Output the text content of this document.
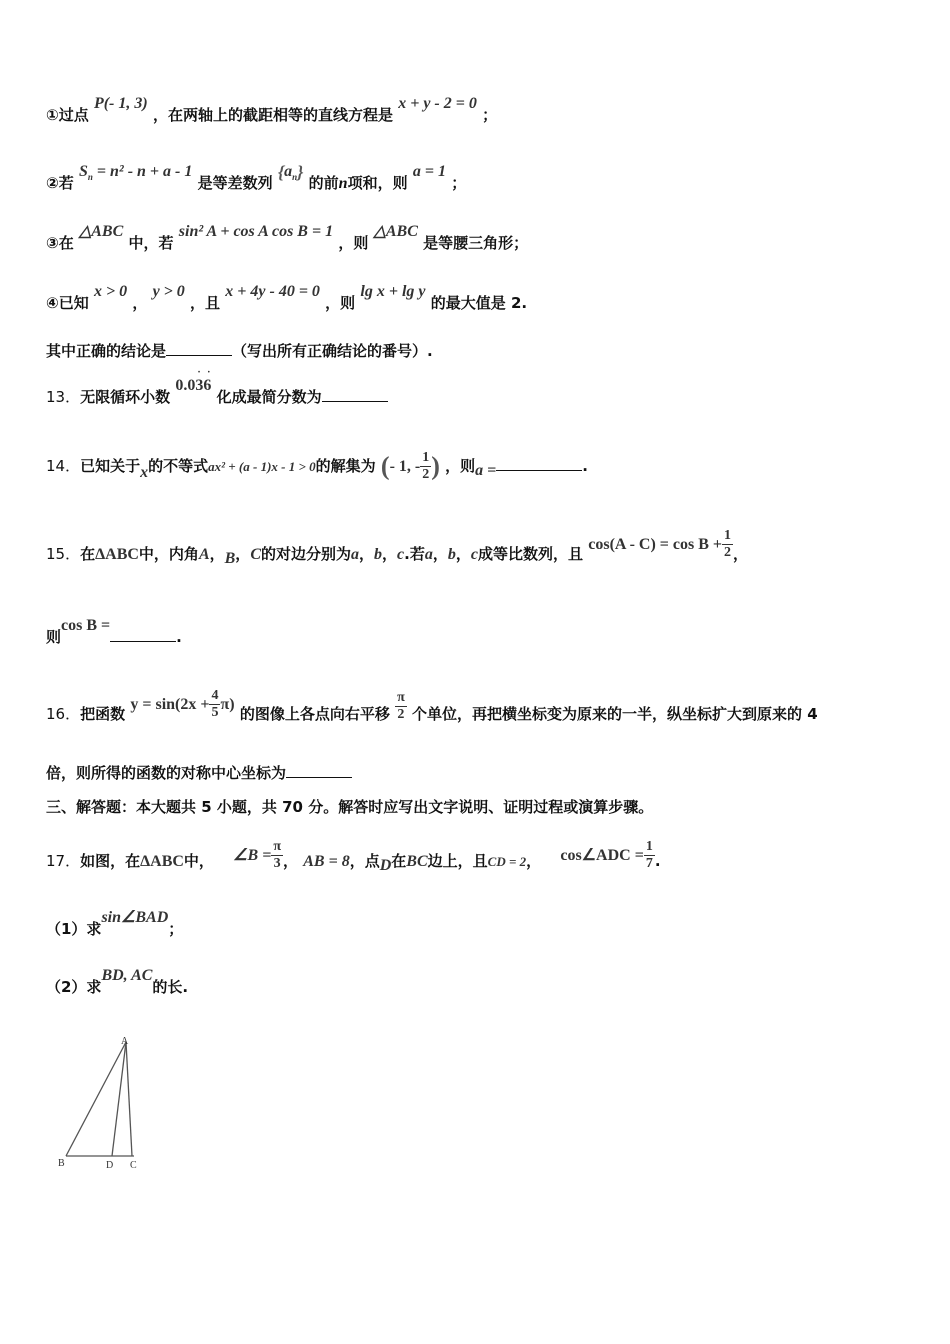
①过点 P(- 1, 3) ，在两轴上的截距相等的直线方程是 x + y - 2 = 0 ；
②若 $S_n = n^2 - n + a - 1$ 是等差数列 $\{a_n\}$ 的前n项和，则 a = 1 ；
③在 △ABC 中，若 sin² A + cos A cos B = 1 ，则 △ABC 是等腰三角形；
④已知 x > 0 ， y > 0 ，且 x + 4y - 40 = 0 ，则 lg x + lg y 的最大值是 2.
其中正确的结论是	（写出所有正确结论的番号）.
13．无限循环小数
· ·
0.036 化成最简分数为
14．已知关于x的不等式ax² + (a - 1)x - 1 > 0的解集为 (- 1, - $\frac{1}{2}$ ) ，则a =	.
15．在ΔABC中，内角A，B，C的对边分别为a，b，c.若a，b，c成等比数列，且 $\cos(A - C) = \cos B + \frac{1}{2}$ ，
则cos B =.
16．把函数 $y = \sin(2x + \frac{4}{5} \pi)$ 的图像上各点向右平移 $\frac{\pi}{2}$ 个单位，再把横坐标变为原来的一半，纵坐标扩大到原来的 4
倍，则所得的函数的对称中心坐标为
三、解答题：本大题共 5 小题，共 70 分。解答时应写出文字说明、证明过程或演算步骤。
17．如图，在ΔABC中， ∠B = $\frac{\pi}{3}$ ， AB = 8，点D在BC边上，且CD = 2， cos∠ADC = $\frac{1}{7}$ .
（1）求sin∠BAD；
（2）求BD, AC的长.
A
B	D C
